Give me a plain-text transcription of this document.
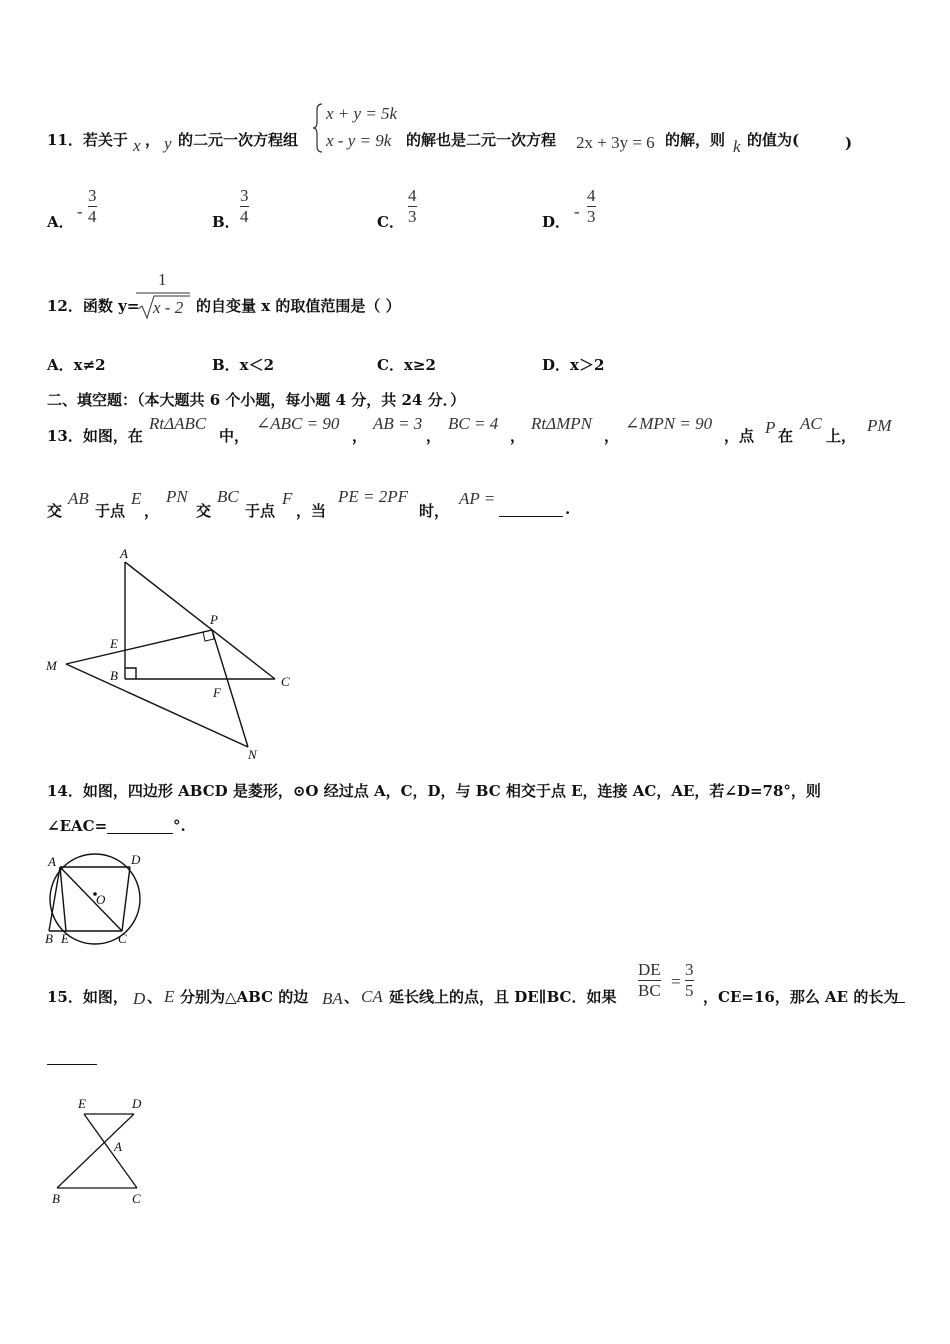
11．若关于 x ， y 的二元一次方程组
x + y = 5k
x - y = 9k 的解也是二元一次方程 2x + 3y = 6 的解，则 k 的值为(	)
A．
-
3
4	B．
3
4	C．
4
3	D．
-
4
3
12．函数 y=
1
x - 2 的自变量 x 的取值范围是（ ）
A．x≠2	B．x＜2	C．x≥2	D．x＞2
二、填空题：（本大题共 6 个小题，每小题 4 分，共 24 分．）
13．如图，在
RtΔABC
中，
∠ABC = 90
，
AB = 3
，
BC = 4
，
RtΔMPN
，
∠MPN = 90
，点 P 在
AC
上，
PM
交
AB
于点
E
，
PN
交
BC
于点
F
，当
PE = 2PF
时，
AP =
.
A
P
E
M
B	C
F
N
14．如图，四边形 ABCD 是菱形，⊙O 经过点 A，C，D，与 BC 相交于点 E，连接 AC，AE，若∠D=78°，则
∠EAC=	°.
A	D
O
B E	C
15．如图， D 、 E 分别为△ABC 的边 BA 、 CA 延长线上的点，且 DE∥BC．如果
DE
BC =
3
5 ，CE=16，那么 AE 的长为
E	D
A
B	C
